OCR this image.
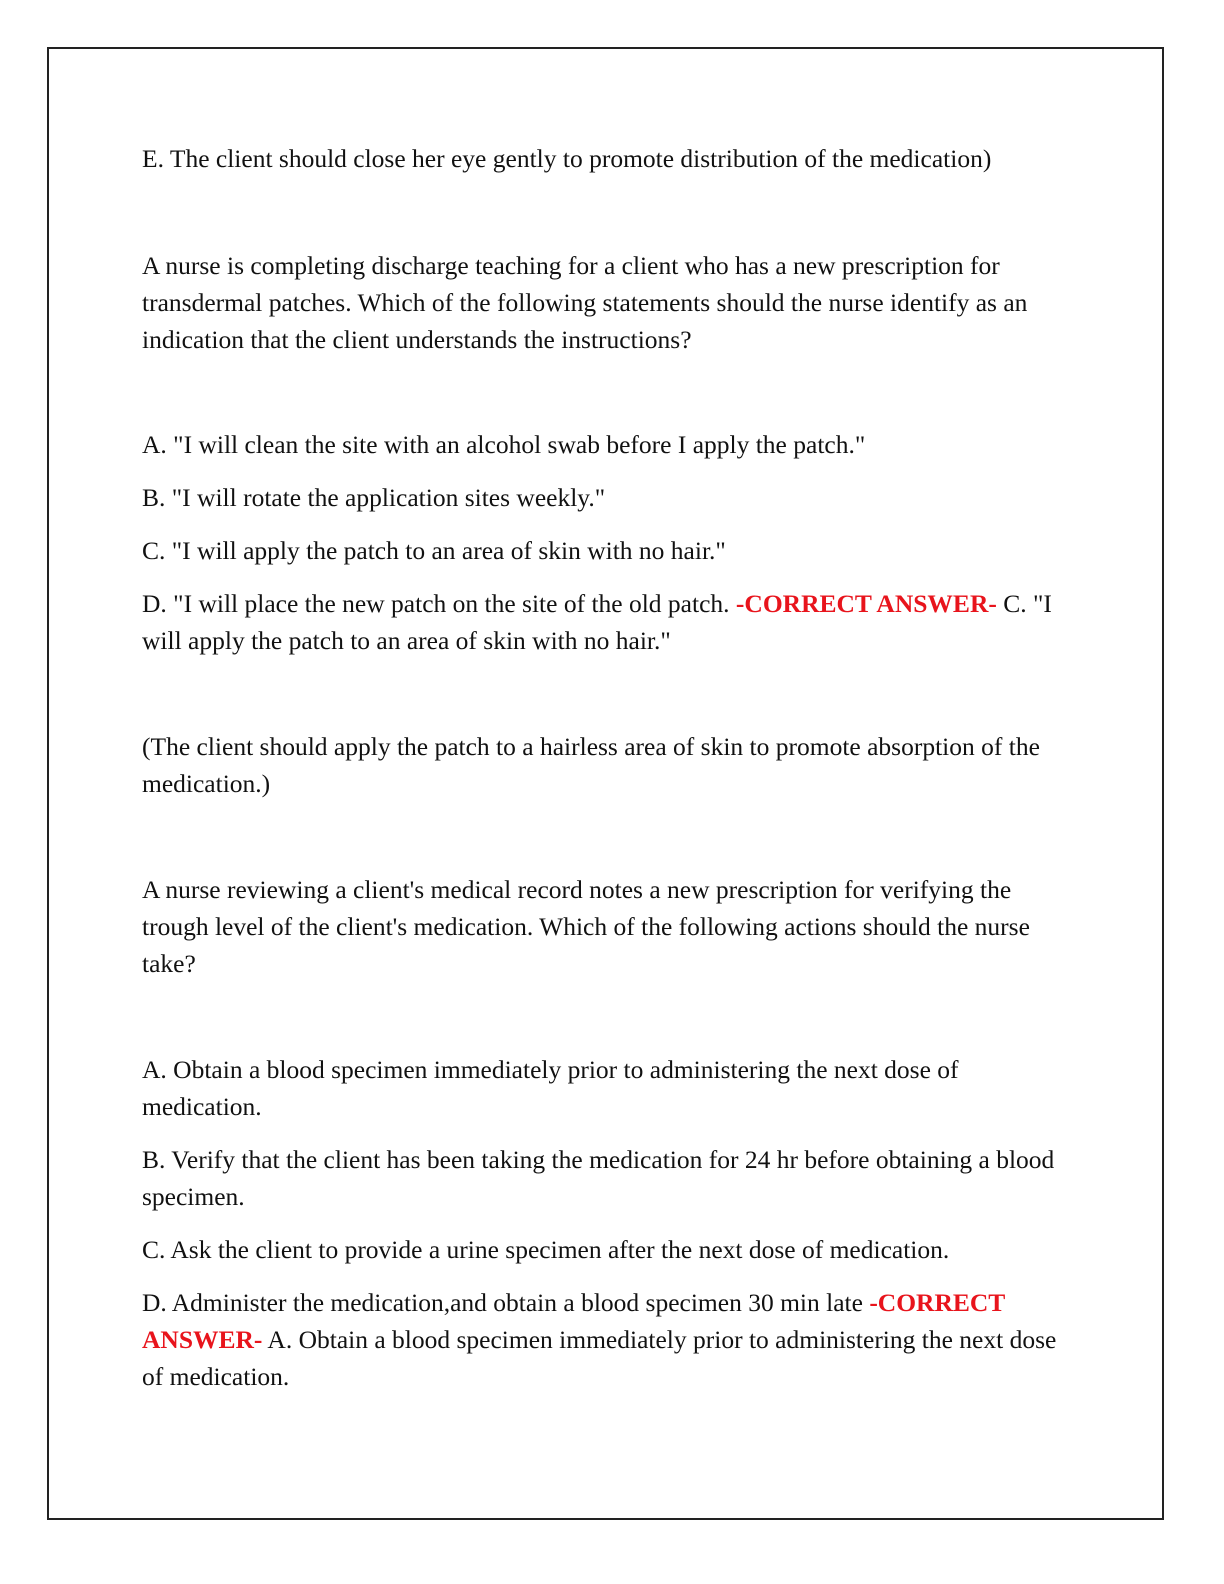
E. The client should close her eye gently to promote distribution of the medication)

A nurse is completing discharge teaching for a client who has a new prescription for transdermal patches. Which of the following statements should the nurse identify as an indication that the client understands the instructions?

A. "I will clean the site with an alcohol swab before I apply the patch."

B. "I will rotate the application sites weekly."

C. "I will apply the patch to an area of skin with no hair."

D. "I will place the new patch on the site of the old patch. -CORRECT ANSWER- C. "I will apply the patch to an area of skin with no hair."

(The client should apply the patch to a hairless area of skin to promote absorption of the medication.)

A nurse reviewing a client's medical record notes a new prescription for verifying the trough level of the client's medication. Which of the following actions should the nurse take?

A. Obtain a blood specimen immediately prior to administering the next dose of medication.

B. Verify that the client has been taking the medication for 24 hr before obtaining a blood specimen.

C. Ask the client to provide a urine specimen after the next dose of medication.

D. Administer the medication,and obtain a blood specimen 30 min late -CORRECT ANSWER- A. Obtain a blood specimen immediately prior to administering the next dose of medication.
